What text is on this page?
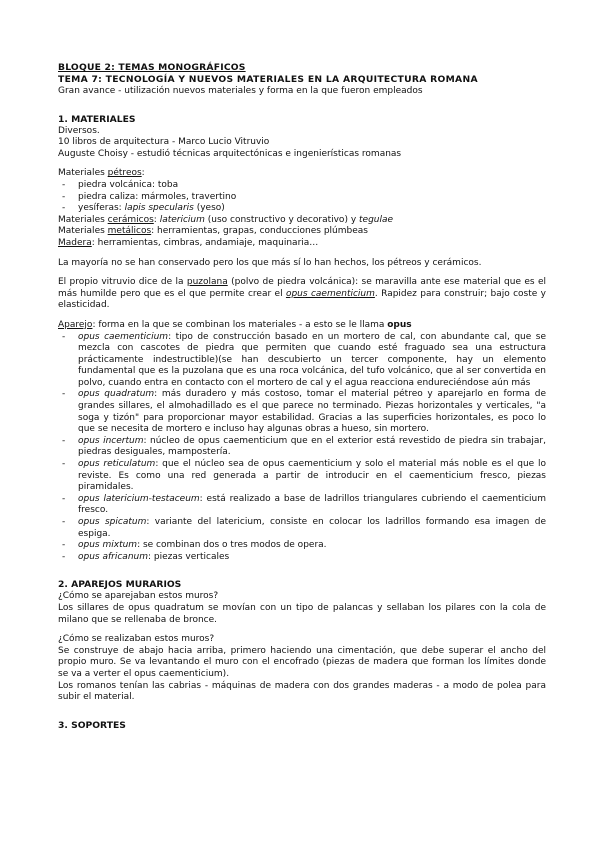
BLOQUE 2: TEMAS MONOGRÁFICOS

TEMA 7: TECNOLOGÍA Y NUEVOS MATERIALES EN LA ARQUITECTURA ROMANA

Gran avance - utilización nuevos materiales y forma en la que fueron empleados

1. MATERIALES

Diversos.

10 libros de arquitectura - Marco Lucio Vitruvio

Auguste Choisy - estudió técnicas arquitectónicas e ingenierísticas romanas

Materiales pétreos:

- piedra volcánica: toba
- piedra caliza: mármoles, travertino
- yesíferas: lapis specularis (yeso)

Materiales cerámicos: latericium (uso constructivo y decorativo) y tegulae

Materiales metálicos: herramientas, grapas, conducciones plúmbeas

Madera: herramientas, cimbras, andamiaje, maquinaria…

La mayoría no se han conservado pero los que más sí lo han hechos, los pétreos y cerámicos.

El propio vitruvio dice de la puzolana (polvo de piedra volcánica): se maravilla ante ese material que es el más humilde pero que es el que permite crear el opus caementicium. Rapidez para construir; bajo coste y elasticidad.

Aparejo: forma en la que se combinan los materiales - a esto se le llama opus

- opus caementicium: tipo de construcción basado en un mortero de cal, con abundante cal, que se mezcla con cascotes de piedra que permiten que cuando esté fraguado sea una estructura prácticamente indestructible)(se han descubierto un tercer componente, hay un elemento fundamental que es la puzolana que es una roca volcánica, del tufo volcánico, que al ser convertida en polvo, cuando entra en contacto con el mortero de cal y el agua reacciona endureciéndose aún más
- opus quadratum: más duradero y más costoso, tomar el material pétreo y aparejarlo en forma de grandes sillares, el almohadillado es el que parece no terminado. Piezas horizontales y verticales, "a soga y tizón" para proporcionar mayor estabilidad. Gracias a las superficies horizontales, es poco lo que se necesita de mortero e incluso hay algunas obras a hueso, sin mortero.
- opus incertum: núcleo de opus caementicium que en el exterior está revestido de piedra sin trabajar, piedras desiguales, mampostería.
- opus reticulatum: que el núcleo sea de opus caementicium y solo el material más noble es el que lo reviste. Es como una red generada a partir de introducir en el caementicium fresco, piezas piramidales.
- opus latericium-testaceum: está realizado a base de ladrillos triangulares cubriendo el caementicium fresco.
- opus spicatum: variante del latericium, consiste en colocar los ladrillos formando esa imagen de espiga.
- opus mixtum: se combinan dos o tres modos de opera.
- opus africanum: piezas verticales

2. APAREJOS MURARIOS

¿Cómo se aparejaban estos muros?

Los sillares de opus quadratum se movían con un tipo de palancas y sellaban los pilares con la cola de milano que se rellenaba de bronce.

¿Cómo se realizaban estos muros?

Se construye de abajo hacia arriba, primero haciendo una cimentación, que debe superar el ancho del propio muro. Se va levantando el muro con el encofrado (piezas de madera que forman los límites donde se va a verter el opus caementicium).

Los romanos tenían las cabrias - máquinas de madera con dos grandes maderas - a modo de polea para subir el material.

3. SOPORTES
